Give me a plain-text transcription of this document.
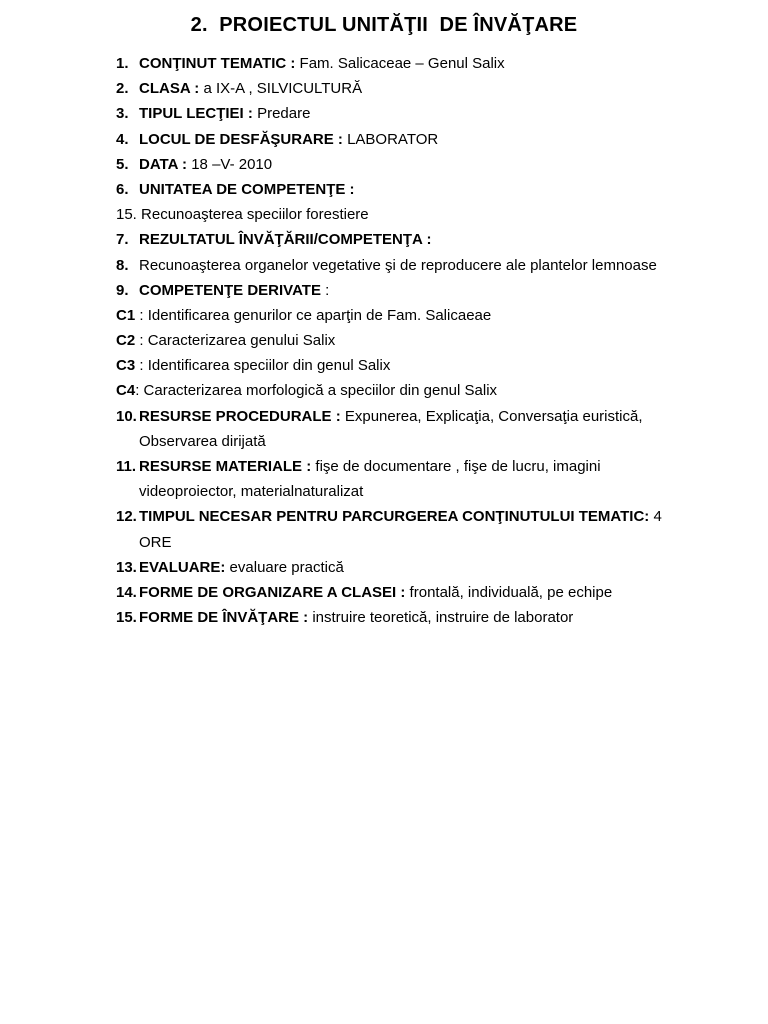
2.  PROIECTUL UNITĂŢII  DE ÎNVĂŢARE
1. CONŢINUT TEMATIC : Fam. Salicaceae – Genul Salix
2. CLASA : a IX-A , SILVICULTURĂ
3. TIPUL LECŢIEI : Predare
4. LOCUL DE DESFĂŞURARE : LABORATOR
5. DATA : 18 –V- 2010
6. UNITATEA DE COMPETENŢE :
15. Recunoaşterea speciilor forestiere
7. REZULTATUL ÎNVĂŢĂRII/COMPETENŢA :
8. Recunoaşterea organelor vegetative şi de reproducere ale plantelor lemnoase
9. COMPETENŢE DERIVATE :
C1 : Identificarea genurilor ce aparţin de Fam. Salicaeae
C2 : Caracterizarea genului Salix
C3 : Identificarea speciilor din genul Salix
C4: Caracterizarea morfologică a speciilor din genul Salix
10. RESURSE PROCEDURALE : Expunerea, Explicaţia, Conversaţia euristică,
Observarea dirijată
11. RESURSE MATERIALE : fişe de documentare , fişe de lucru, imagini
videoproiector, materialnaturalizat
12. TIMPUL NECESAR PENTRU PARCURGEREA CONŢINUTULUI TEMATIC: 4
ORE
13. EVALUARE: evaluare practică
14. FORME DE ORGANIZARE A CLASEI : frontală, individuală, pe echipe
15. FORME DE ÎNVĂŢARE : instruire teoretică, instruire de laborator
